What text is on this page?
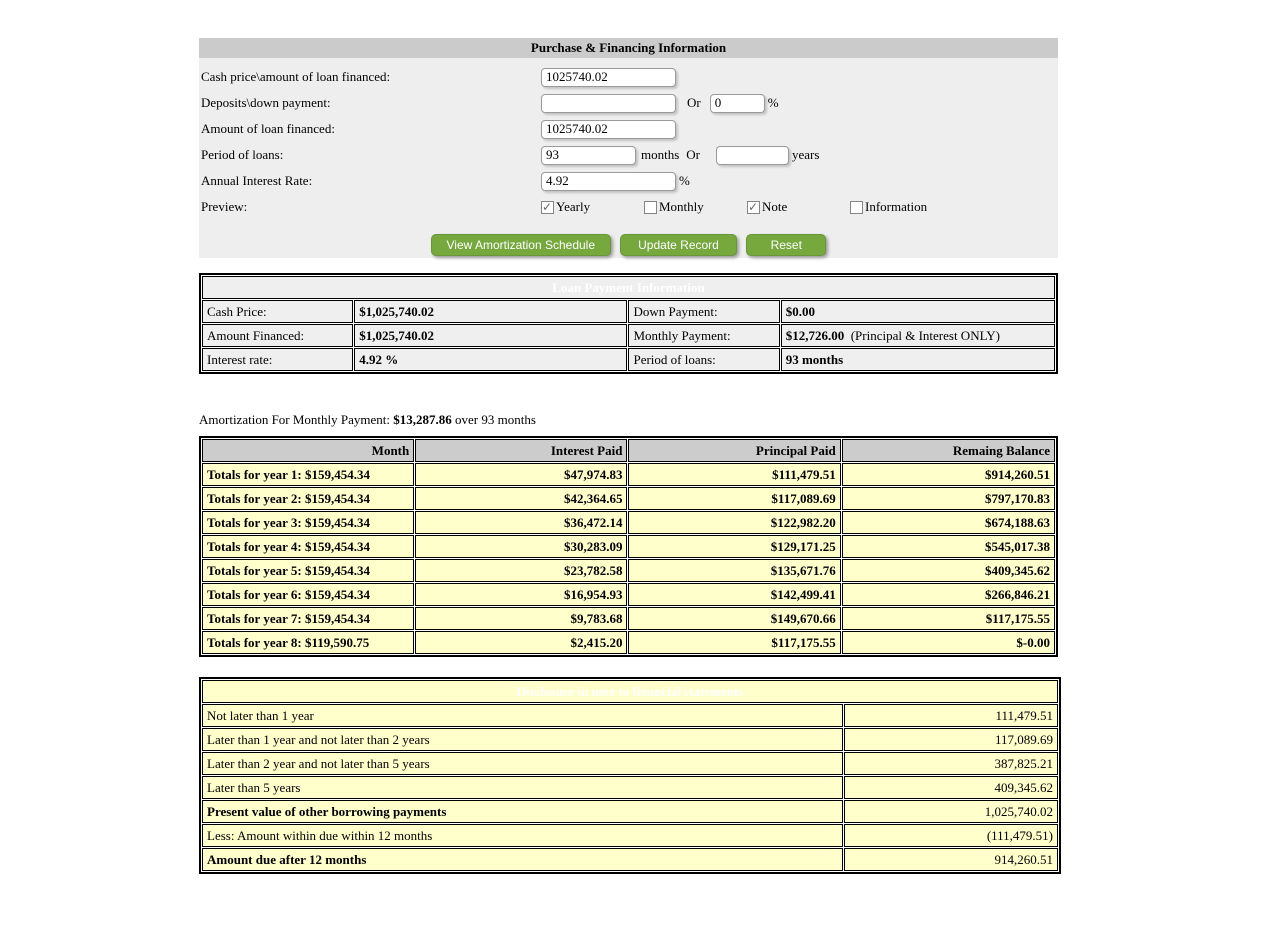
Purchase & Financing Information
Cash price\amount of loan financed:
1025740.02
Deposits\down payment:	Or
0	%
Amount of loan financed:
1025740.02
Period of loans:
93	months Or	years
Annual Interest Rate:
4.92	%
Preview: ✓	Yearly	Monthly ✓	Note	Information
View Amortization Schedule	Update Record	Reset
Loan Payment Information			
Cash Price:	$1,025,740.02	Down Payment:	$0.00
Amount Financed:	$1,025,740.02	Monthly Payment:	$12,726.00  (Principal & Interest ONLY)
Interest rate:	4.92 %	Period of loans:	93 months
Amortization For Monthly Payment: $13,287.86 over 93 months
Month	Interest Paid	Principal Paid	Remaing Balance
Totals for year 1: $159,454.34	$47,974.83	$111,479.51	$914,260.51
Totals for year 2: $159,454.34	$42,364.65	$117,089.69	$797,170.83
Totals for year 3: $159,454.34	$36,472.14	$122,982.20	$674,188.63
Totals for year 4: $159,454.34	$30,283.09	$129,171.25	$545,017.38
Totals for year 5: $159,454.34	$23,782.58	$135,671.76	$409,345.62
Totals for year 6: $159,454.34	$16,954.93	$142,499.41	$266,846.21
Totals for year 7: $159,454.34	$9,783.68	$149,670.66	$117,175.55
Totals for year 8: $119,590.75	$2,415.20	$117,175.55	$-0.00
Disclosure in note to financial statements	
Not later than 1 year	111,479.51
Later than 1 year and not later than 2 years	117,089.69
Later than 2 year and not later than 5 years	387,825.21
Later than 5 years	409,345.62
Present value of other borrowing payments	1,025,740.02
Less: Amount within due within 12 months	(111,479.51)
Amount due after 12 months	914,260.51
